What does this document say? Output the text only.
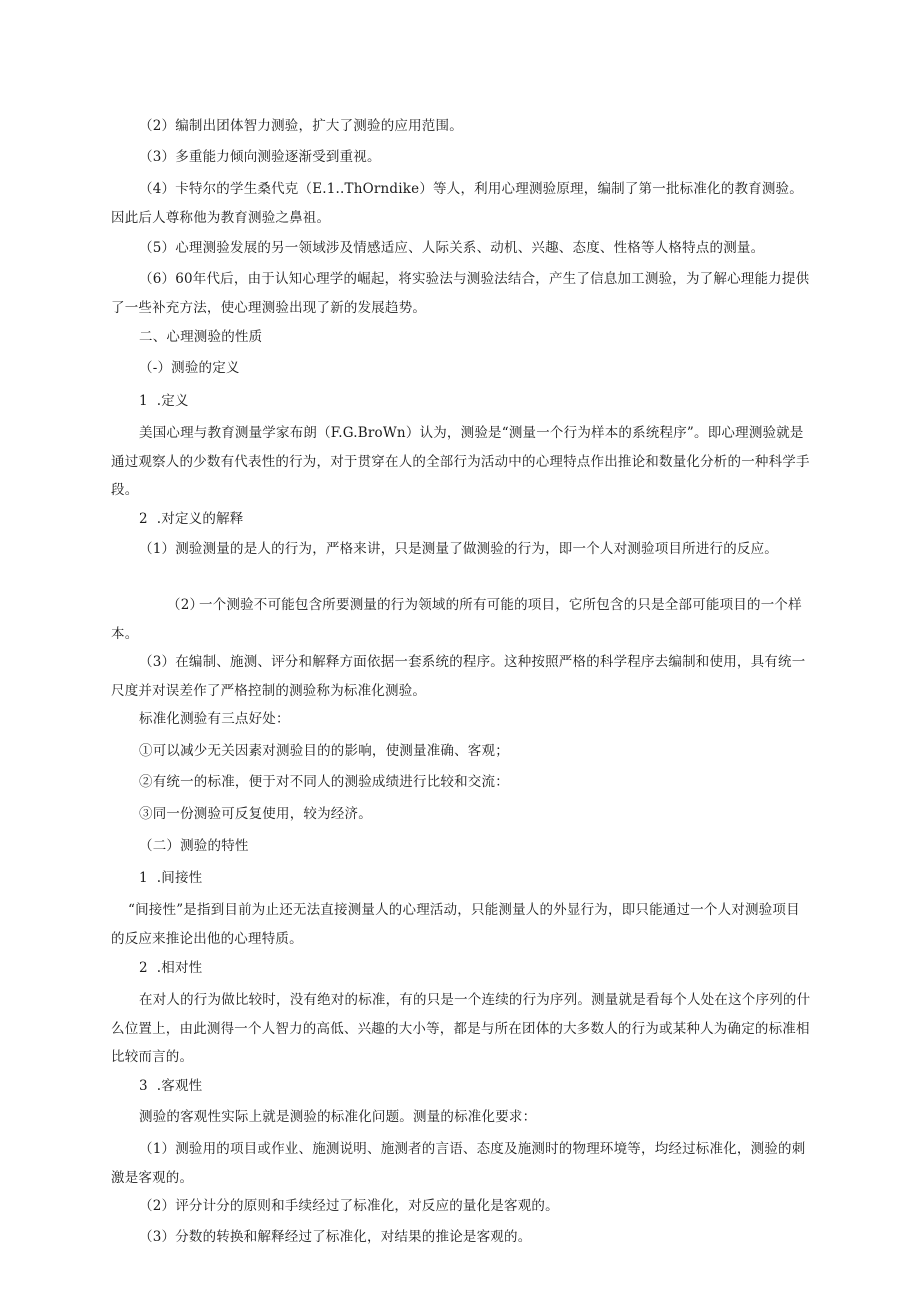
（2）编制出团体智力测验，扩大了测验的应用范围。

（3）多重能力倾向测验逐渐受到重视。

（4）卡特尔的学生桑代克（E.1..ThOrndike）等人，利用心理测验原理，编制了第一批标准化的教育测验。因此后人尊称他为教育测验之鼻祖。

（5）心理测验发展的另一领域涉及情感适应、人际关系、动机、兴趣、态度、性格等人格特点的测量。

（6）60年代后，由于认知心理学的崛起，将实验法与测验法结合，产生了信息加工测验，为了解心理能力提供了一些补充方法，使心理测验出现了新的发展趋势。

二、心理测验的性质

（-）测验的定义

1  .定义

美国心理与教育测量学家布朗（F.G.BroWn）认为，测验是“测量一个行为样本的系统程序”。即心理测验就是通过观察人的少数有代表性的行为，对于贯穿在人的全部行为活动中的心理特点作出推论和数量化分析的一种科学手段。

2  .对定义的解释

（1）测验测量的是人的行为，严格来讲，只是测量了做测验的行为，即一个人对测验项目所进行的反应。

（2）一个测验不可能包含所要测量的行为领域的所有可能的项目，它所包含的只是全部可能项目的一个样本。

（3）在编制、施测、评分和解释方面依据一套系统的程序。这种按照严格的科学程序去编制和使用，具有统一尺度并对误差作了严格控制的测验称为标准化测验。

标准化测验有三点好处：

①可以减少无关因素对测验目的的影响，使测量准确、客观；

②有统一的标准，便于对不同人的测验成绩进行比较和交流：

③同一份测验可反复使用，较为经济。

（二）测验的特性

1  .间接性

“间接性”是指到目前为止还无法直接测量人的心理活动，只能测量人的外显行为，即只能通过一个人对测验项目的反应来推论出他的心理特质。

2  .相对性

在对人的行为做比较时，没有绝对的标准，有的只是一个连续的行为序列。测量就是看每个人处在这个序列的什么位置上，由此测得一个人智力的高低、兴趣的大小等，都是与所在团体的大多数人的行为或某种人为确定的标准相比较而言的。

3  .客观性

测验的客观性实际上就是测验的标准化问题。测量的标准化要求：

（1）测验用的项目或作业、施测说明、施测者的言语、态度及施测时的物理环境等，均经过标准化，测验的刺激是客观的。

（2）评分计分的原则和手续经过了标准化，对反应的量化是客观的。

（3）分数的转换和解释经过了标准化，对结果的推论是客观的。
